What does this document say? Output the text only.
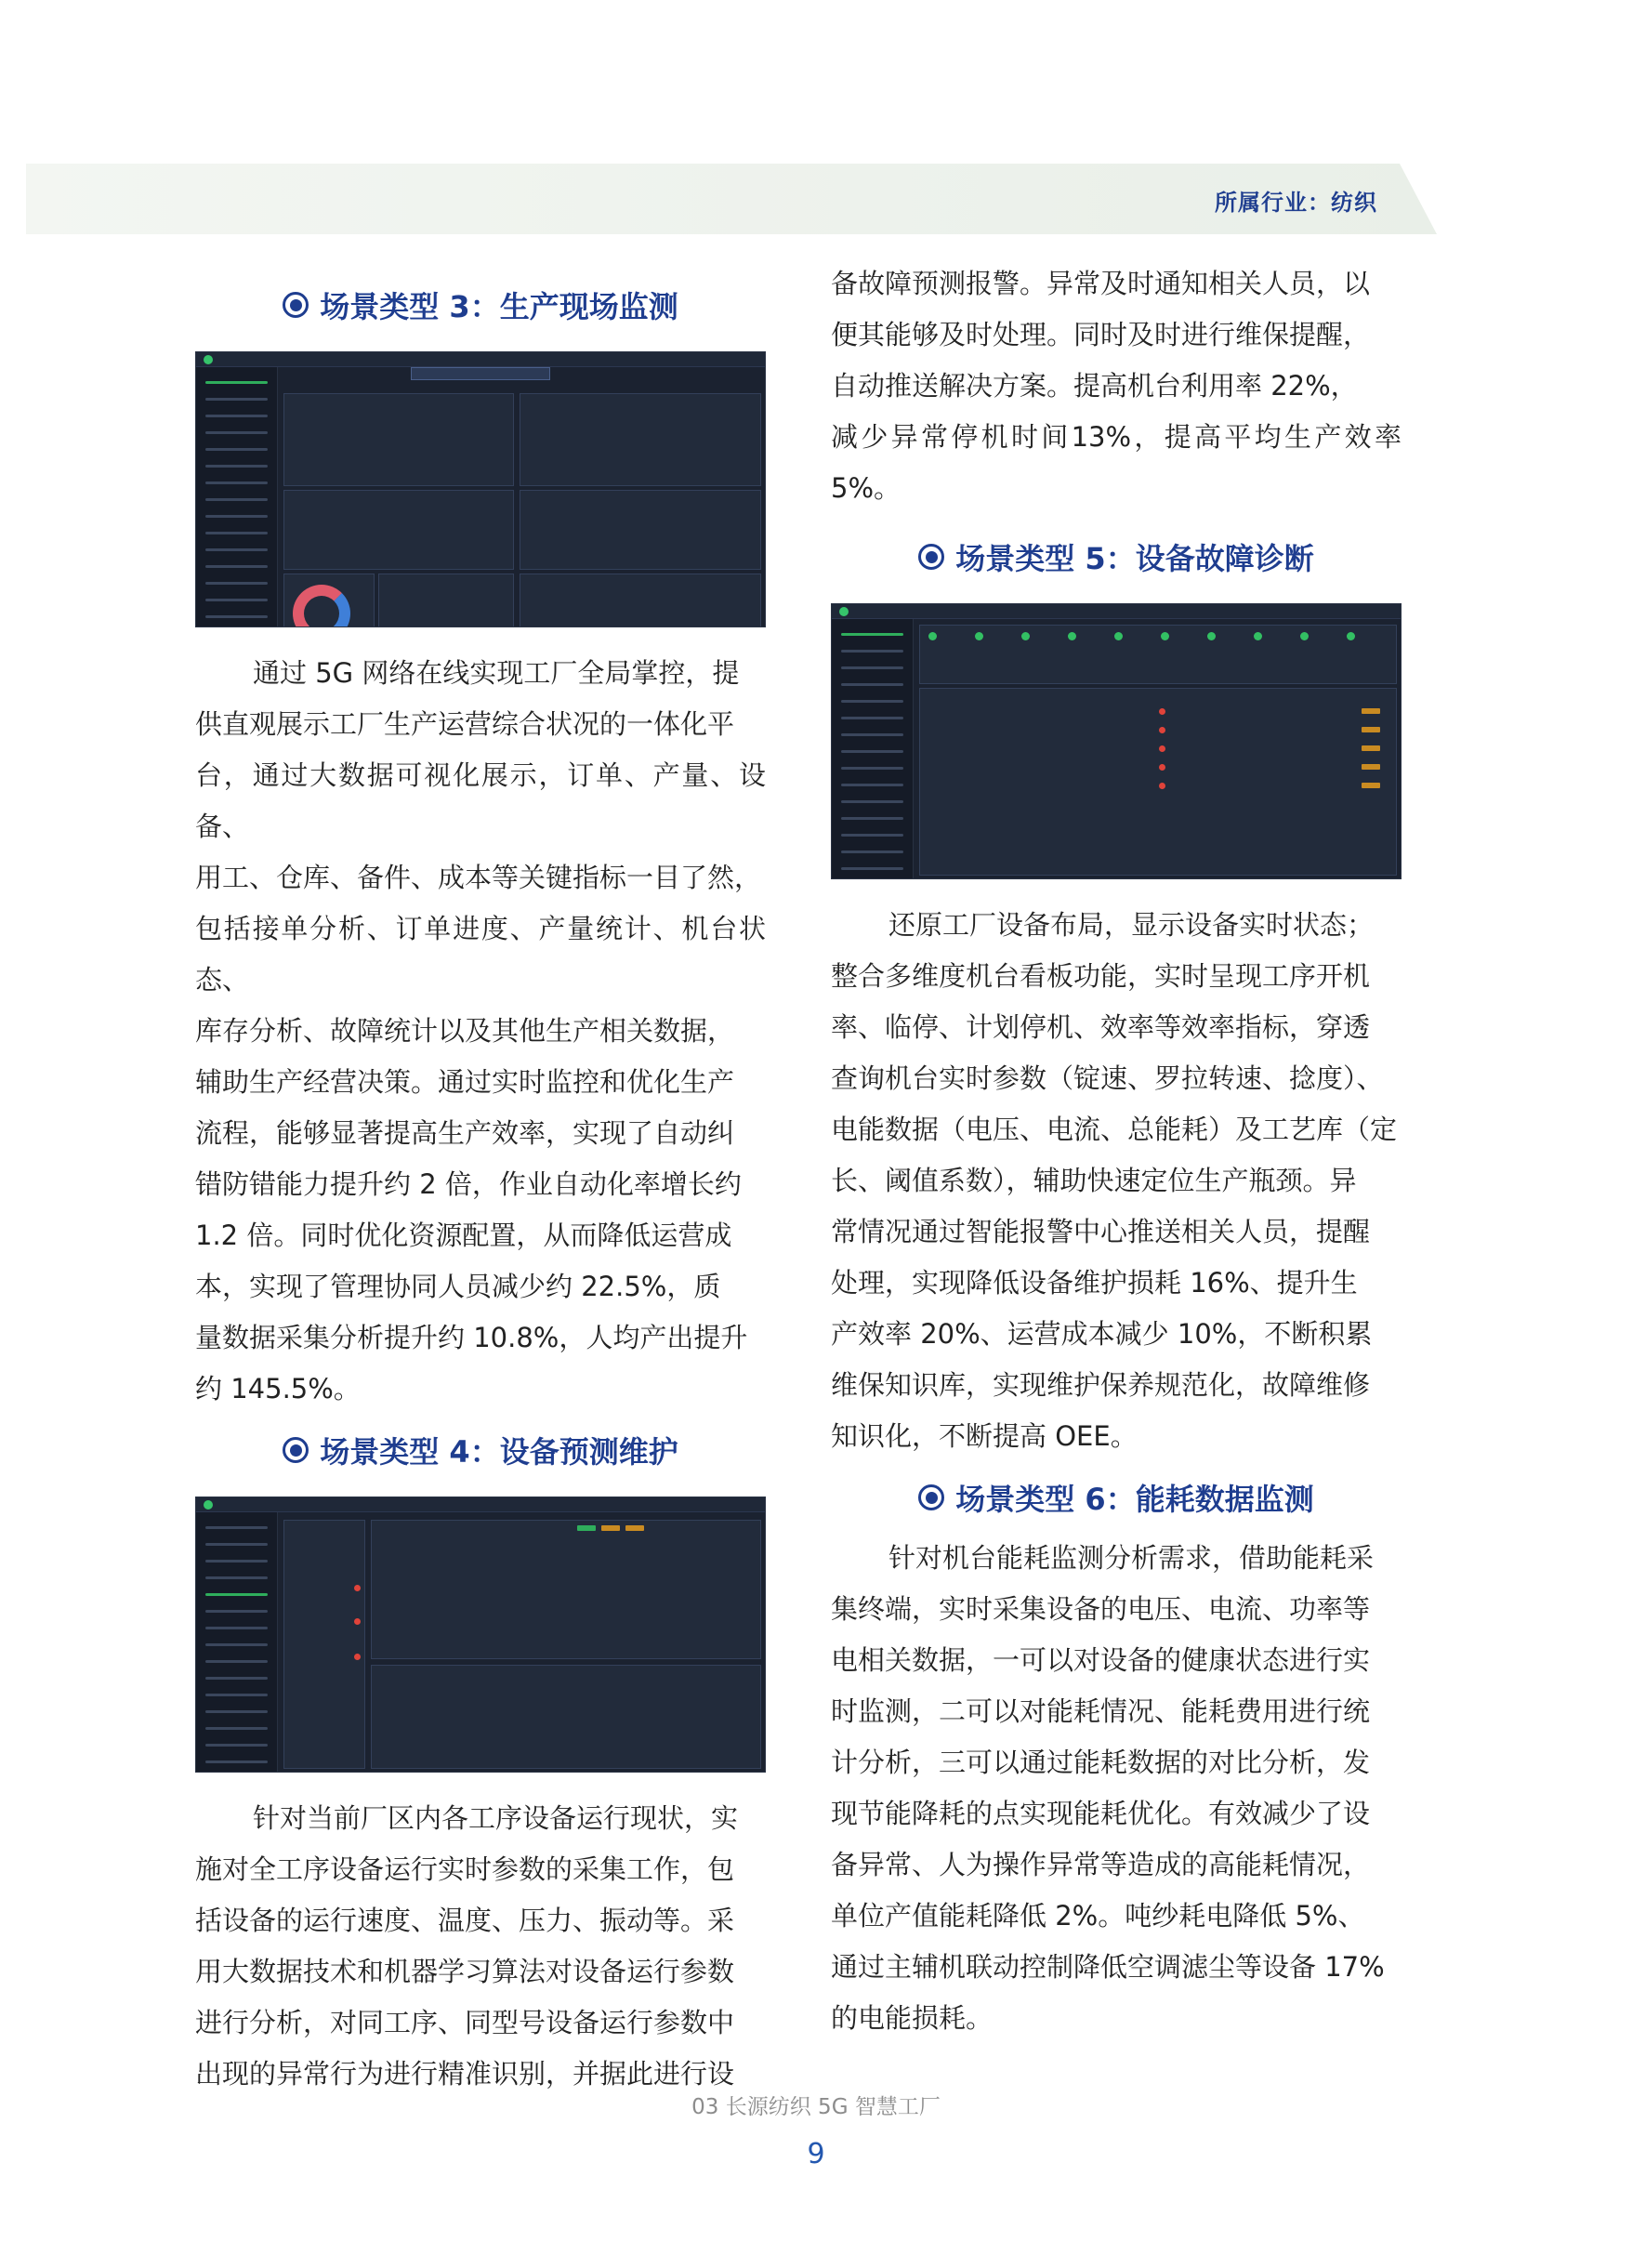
所属行业：纺织
场景类型 3：生产现场监测
通过 5G 网络在线实现工厂全局掌控，提
供直观展示工厂生产运营综合状况的一体化平
台，通过大数据可视化展示，订单、产量、设备、
用工、仓库、备件、成本等关键指标一目了然，
包括接单分析、订单进度、产量统计、机台状态、
库存分析、故障统计以及其他生产相关数据，
辅助生产经营决策。通过实时监控和优化生产
流程，能够显著提高生产效率，实现了自动纠
错防错能力提升约 2 倍，作业自动化率增长约
1.2 倍。同时优化资源配置，从而降低运营成
本，实现了管理协同人员减少约 22.5%，质
量数据采集分析提升约 10.8%，人均产出提升
约 145.5%。
场景类型 4：设备预测维护
针对当前厂区内各工序设备运行现状，实
施对全工序设备运行实时参数的采集工作，包
括设备的运行速度、温度、压力、振动等。采
用大数据技术和机器学习算法对设备运行参数
进行分析，对同工序、同型号设备运行参数中
出现的异常行为进行精准识别，并据此进行设
备故障预测报警。异常及时通知相关人员，以
便其能够及时处理。同时及时进行维保提醒，
自动推送解决方案。提高机台利用率 22%，
减少异常停机时间13%，提高平均生产效率5%。
场景类型 5：设备故障诊断
还原工厂设备布局，显示设备实时状态；
整合多维度机台看板功能，实时呈现工序开机
率、临停、计划停机、效率等效率指标，穿透
查询机台实时参数（锭速、罗拉转速、捻度）、
电能数据（电压、电流、总能耗）及工艺库（定
长、阈值系数），辅助快速定位生产瓶颈。异
常情况通过智能报警中心推送相关人员，提醒
处理，实现降低设备维护损耗 16%、提升生
产效率 20%、运营成本减少 10%，不断积累
维保知识库，实现维护保养规范化，故障维修
知识化，不断提高 OEE。
场景类型 6：能耗数据监测
针对机台能耗监测分析需求，借助能耗采
集终端，实时采集设备的电压、电流、功率等
电相关数据，一可以对设备的健康状态进行实
时监测，二可以对能耗情况、能耗费用进行统
计分析，三可以通过能耗数据的对比分析，发
现节能降耗的点实现能耗优化。有效减少了设
备异常、人为操作异常等造成的高能耗情况，
单位产值能耗降低 2%。吨纱耗电降低 5%、
通过主辅机联动控制降低空调滤尘等设备 17%
的电能损耗。
03 长源纺织 5G 智慧工厂
9
